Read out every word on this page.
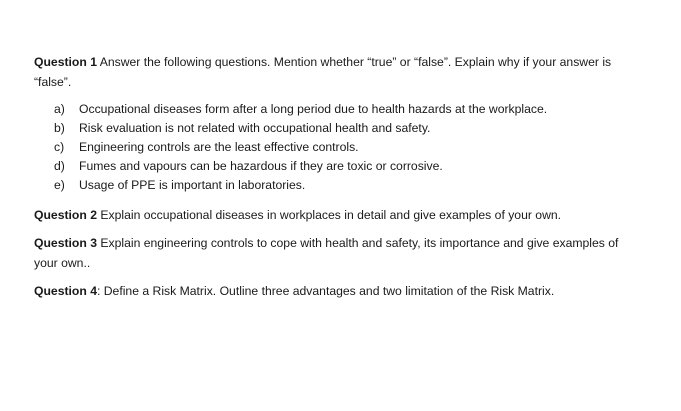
Question 1 Answer the following questions. Mention whether “true” or “false”. Explain why if your answer is “false”.

a)	Occupational diseases form after a long period due to health hazards at the workplace.
b)	Risk evaluation is not related with occupational health and safety.
c)	Engineering controls are the least effective controls.
d)	Fumes and vapours can be hazardous if they are toxic or corrosive.
e)	Usage of PPE is important in laboratories.

Question 2 Explain occupational diseases in workplaces in detail and give examples of your own.

Question 3 Explain engineering controls to cope with health and safety, its importance and give examples of your own..

Question 4: Define a Risk Matrix. Outline three advantages and two limitation of the Risk Matrix.
